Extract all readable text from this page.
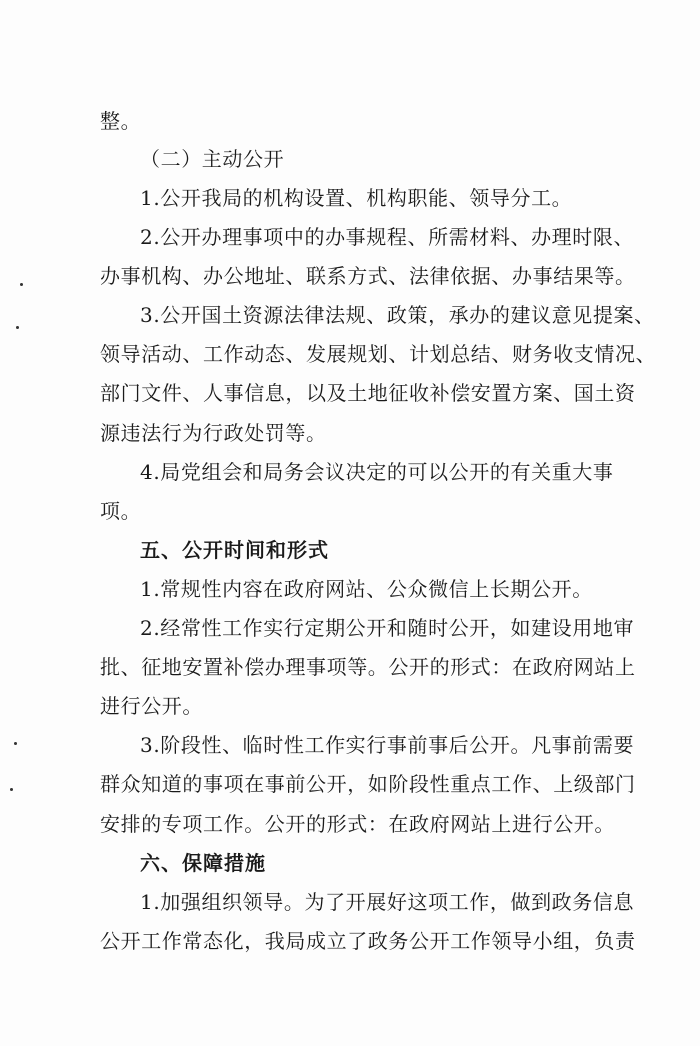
整。
（二）主动公开
1.公开我局的机构设置、机构职能、领导分工。
2.公开办理事项中的办事规程、所需材料、办理时限、
办事机构、办公地址、联系方式、法律依据、办事结果等。
3.公开国土资源法律法规、政策，承办的建议意见提案、
领导活动、工作动态、发展规划、计划总结、财务收支情况、
部门文件、人事信息，以及土地征收补偿安置方案、国土资
源违法行为行政处罚等。
4.局党组会和局务会议决定的可以公开的有关重大事
项。
五、公开时间和形式
1.常规性内容在政府网站、公众微信上长期公开。
2.经常性工作实行定期公开和随时公开，如建设用地审
批、征地安置补偿办理事项等。公开的形式：在政府网站上
进行公开。
3.阶段性、临时性工作实行事前事后公开。凡事前需要
群众知道的事项在事前公开，如阶段性重点工作、上级部门
安排的专项工作。公开的形式：在政府网站上进行公开。
六、保障措施
1.加强组织领导。为了开展好这项工作，做到政务信息
公开工作常态化，我局成立了政务公开工作领导小组，负责
